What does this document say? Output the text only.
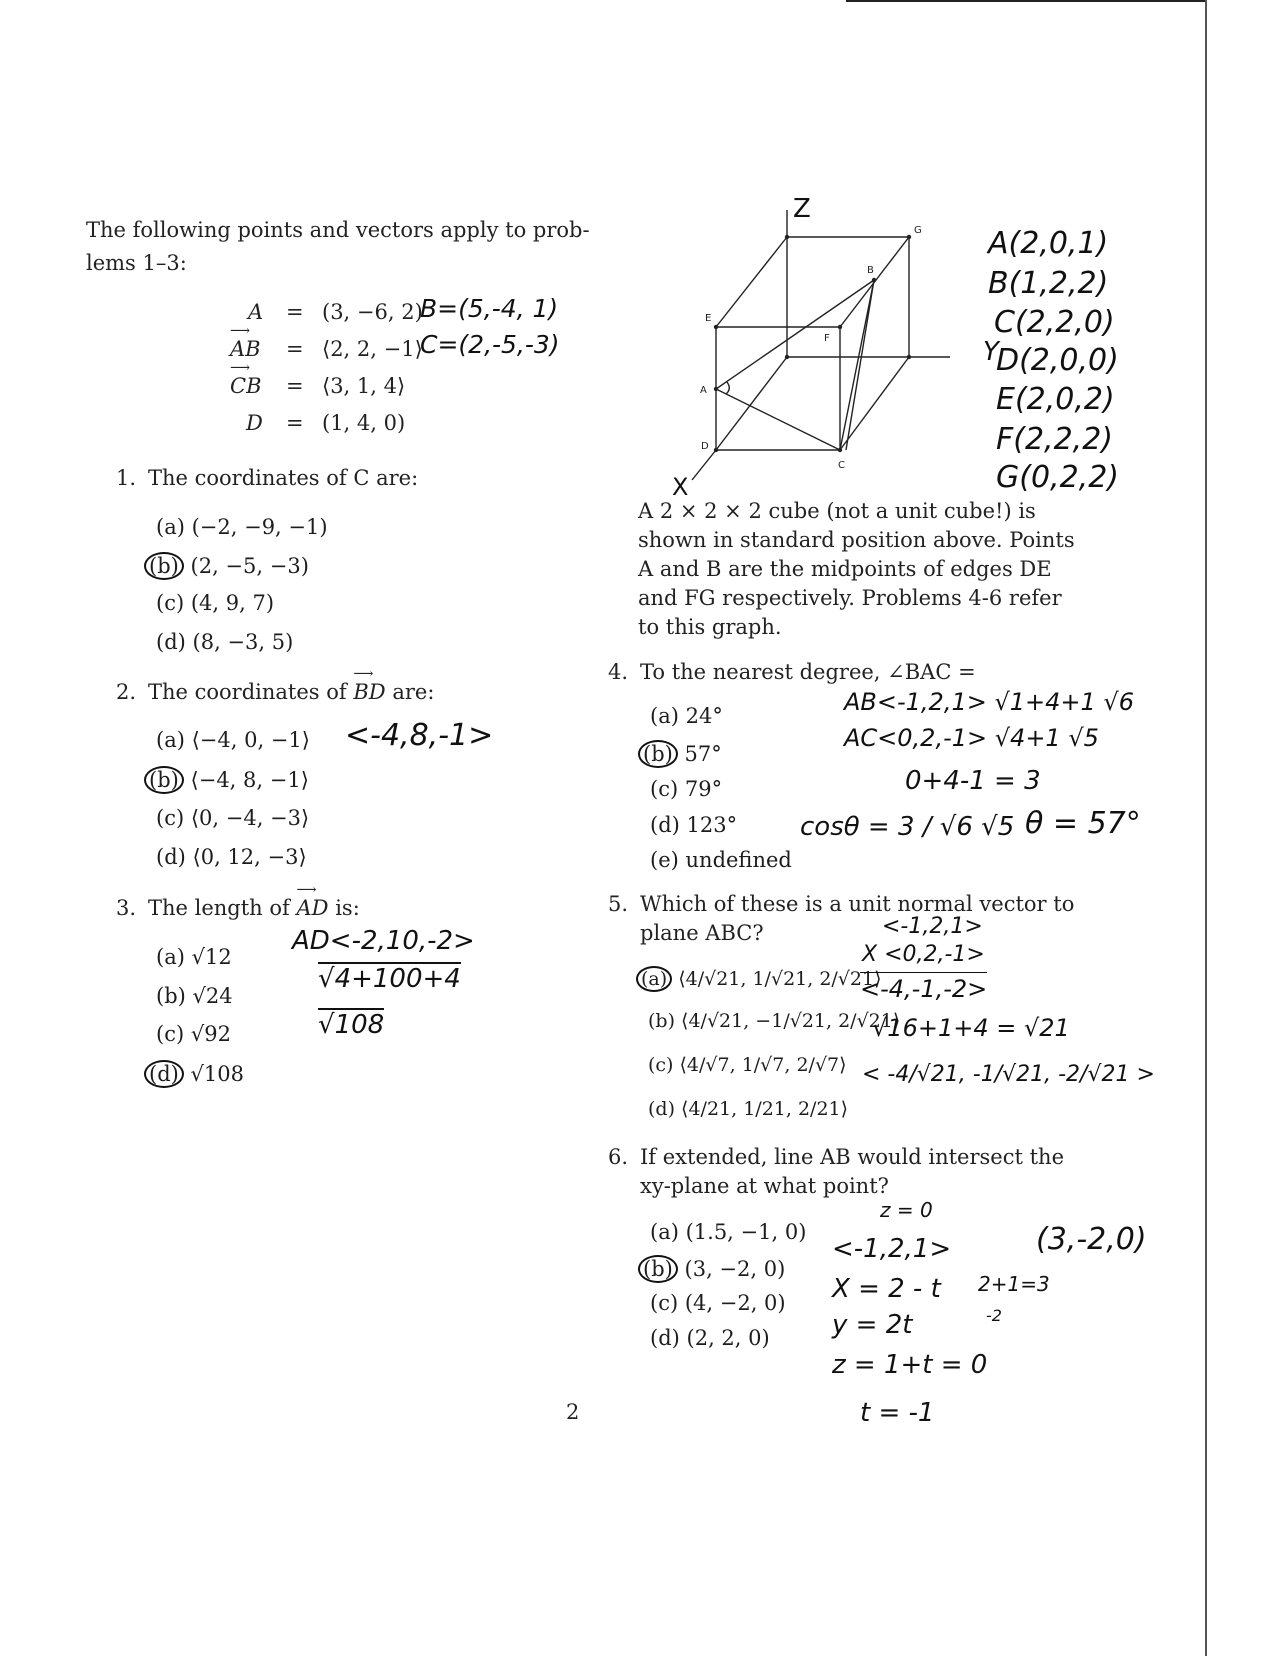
The following points and vectors apply to prob-
lems 1–3:
A = (3, −6, 2)
B=(5,-4, 1)
⟶
AB = ⟨2, 2, −1⟩
C=(2,-5,-3)
⟶
CB = ⟨3, 1, 4⟩
D = (1, 4, 0)
1. The coordinates of C are:
(a) (−2, −9, −1)
(b) (2, −5, −3)
(c) (4, 9, 7)
(d) (8, −3, 5)
2. The coordinates of
⟶
BD are:
(a) ⟨−4, 0, −1⟩ <-4,8,-1>
(b) ⟨−4, 8, −1⟩
(c) ⟨0, −4, −3⟩
(d) ⟨0, 12, −3⟩
3. The length of
⟶
AD is:
(a) √12
(b) √24
(c) √92
(d) √108
AD<-2,10,-2>
√4+100+4
√108
Z
X
G
B
E
F
A
D
C
Y
A(2,0,1)
B(1,2,2)
C(2,2,0)
D(2,0,0)
E(2,0,2)
F(2,2,2)
G(0,2,2)
A 2 × 2 × 2 cube (not a unit cube!) is
shown in standard position above. Points
A and B are the midpoints of edges DE
and FG respectively. Problems 4-6 refer
to this graph.
4. To the nearest degree, ∠BAC =
(a) 24°
(b) 57°
(c) 79°
(d) 123°
(e) undefined
AB<-1,2,1> √1+4+1 √6
AC<0,2,-1> √4+1 √5
0+4-1 = 3
cosθ = 3 / √6 √5 θ = 57°
5. Which of these is a unit normal vector to
plane ABC?
(a) ⟨4/√21, 1/√21, 2/√21⟩
(b) ⟨4/√21, −1/√21, 2/√21⟩
(c) ⟨4/√7, 1/√7, 2/√7⟩
(d) ⟨4/21, 1/21, 2/21⟩
<-1,2,1>
X <0,2,-1>
<-4,-1,-2>
√16+1+4 = √21
< -4/√21, -1/√21, -2/√21 >
6. If extended, line AB would intersect the
xy-plane at what point?
(a) (1.5, −1, 0)
(b) (3, −2, 0)
(c) (4, −2, 0)
(d) (2, 2, 0)
z = 0
<-1,2,1>	(3,-2,0)
X = 2 - t 2+1=3
y = 2t	-2
z = 1+t = 0
t = -1
2
